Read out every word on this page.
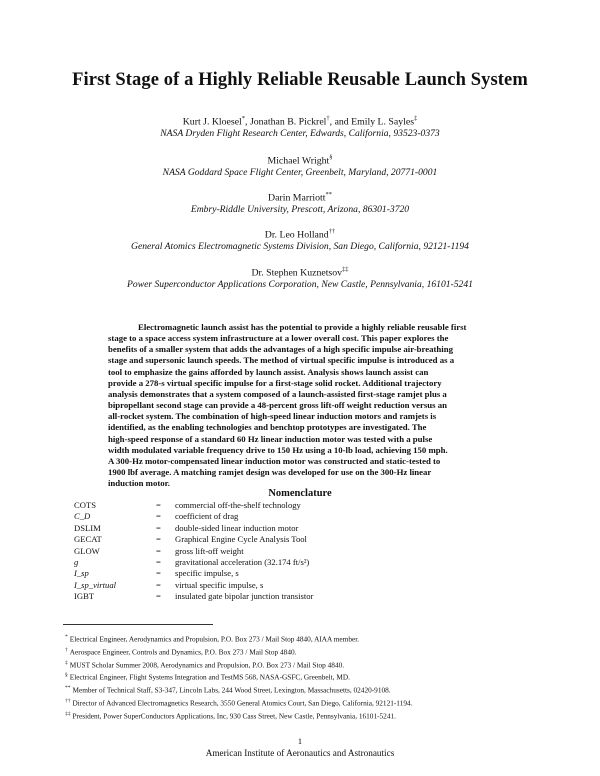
First Stage of a Highly Reliable Reusable Launch System
Kurt J. Kloesel*, Jonathan B. Pickrel†, and Emily L. Sayles‡
NASA Dryden Flight Research Center, Edwards, California, 93523-0373
Michael Wright§
NASA Goddard Space Flight Center, Greenbelt, Maryland, 20771-0001
Darin Marriott**
Embry-Riddle University, Prescott, Arizona, 86301-3720
Dr. Leo Holland††
General Atomics Electromagnetic Systems Division, San Diego, California, 92121-1194
Dr. Stephen Kuznetsov‡‡
Power Superconductor Applications Corporation, New Castle, Pennsylvania, 16101-5241
Electromagnetic launch assist has the potential to provide a highly reliable reusable first
stage to a space access system infrastructure at a lower overall cost. This paper explores the
benefits of a smaller system that adds the advantages of a high specific impulse air-breathing
stage and supersonic launch speeds. The method of virtual specific impulse is introduced as a
tool to emphasize the gains afforded by launch assist. Analysis shows launch assist can
provide a 278-s virtual specific impulse for a first-stage solid rocket. Additional trajectory
analysis demonstrates that a system composed of a launch-assisted first-stage ramjet plus a
bipropellant second stage can provide a 48-percent gross lift-off weight reduction versus an
all-rocket system. The combination of high-speed linear induction motors and ramjets is
identified, as the enabling technologies and benchtop prototypes are investigated. The
high-speed response of a standard 60 Hz linear induction motor was tested with a pulse
width modulated variable frequency drive to 150 Hz using a 10-lb load, achieving 150 mph.
A 300-Hz motor-compensated linear induction motor was constructed and static-tested to
1900 lbf average. A matching ramjet design was developed for use on the 300-Hz linear
induction motor.
Nomenclature
COTS	= commercial off-the-shelf technology
C_D	= coefficient of drag
DSLIM	= double-sided linear induction motor
GECAT	= Graphical Engine Cycle Analysis Tool
GLOW	= gross lift-off weight
g	= gravitational acceleration (32.174 ft/s²)
I_sp	= specific impulse, s
I_sp_virtual	= virtual specific impulse, s
IGBT	= insulated gate bipolar junction transistor
* Electrical Engineer, Aerodynamics and Propulsion, P.O. Box 273 / Mail Stop 4840, AIAA member.
† Aerospace Engineer, Controls and Dynamics, P.O. Box 273 / Mail Stop 4840.
‡ MUST Scholar Summer 2008, Aerodynamics and Propulsion, P.O. Box 273 / Mail Stop 4840.
§ Electrical Engineer, Flight Systems Integration and TestMS 568, NASA-GSFC, Greenbelt, MD.
** Member of Technical Staff, S3-347, Lincoln Labs, 244 Wood Street, Lexington, Massachusetts, 02420-9108.
†† Director of Advanced Electromagnetics Research, 3550 General Atomics Court, San Diego, California, 92121-1194.
‡‡ President, Power SuperConductors Applications, Inc, 930 Cass Street, New Castle, Pennsylvania, 16101-5241.
1
American Institute of Aeronautics and Astronautics
